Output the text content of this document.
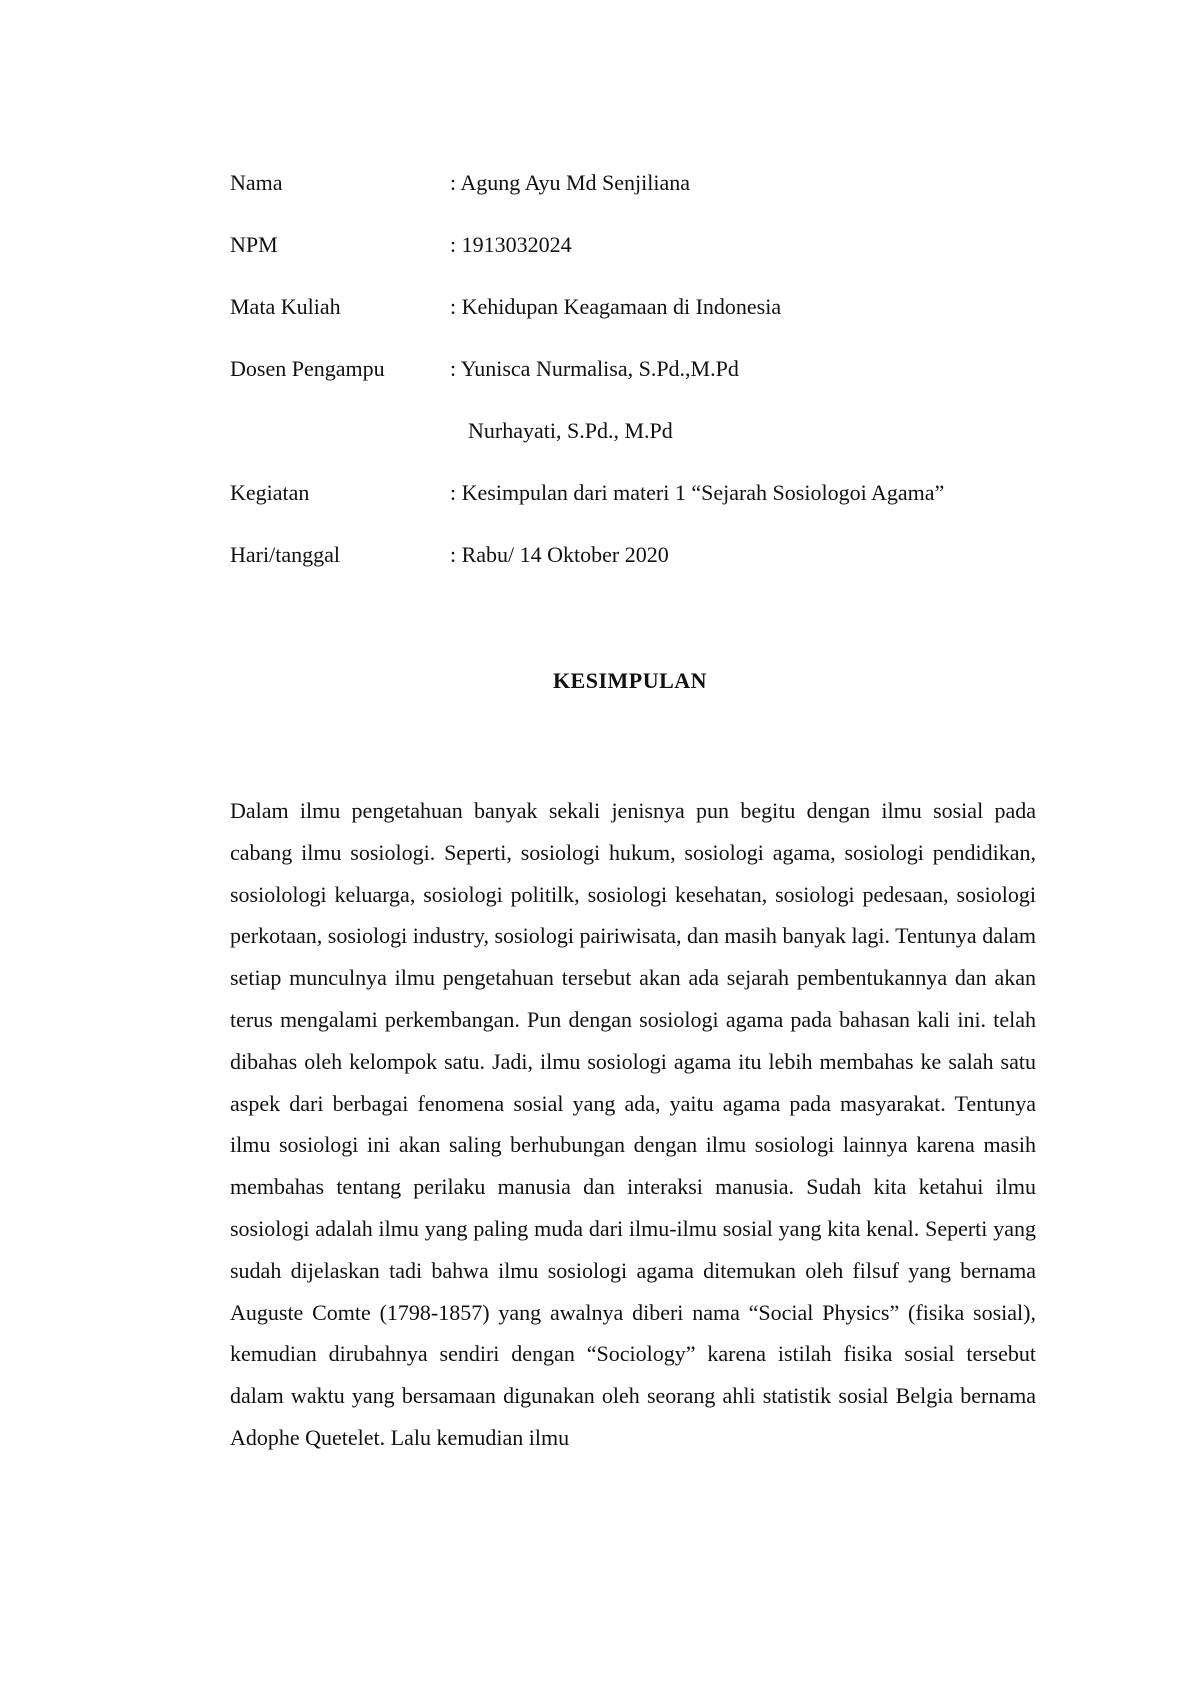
Nama	: Agung Ayu Md Senjiliana
NPM	: 1913032024
Mata Kuliah	: Kehidupan Keagamaan di Indonesia
Dosen Pengampu	: Yunisca Nurmalisa, S.Pd.,M.Pd
Nurhayati, S.Pd., M.Pd
Kegiatan	: Kesimpulan dari materi 1 “Sejarah Sosiologoi Agama”
Hari/tanggal	: Rabu/ 14 Oktober 2020
KESIMPULAN

Dalam ilmu pengetahuan banyak sekali jenisnya pun begitu dengan ilmu sosial pada cabang ilmu sosiologi. Seperti, sosiologi hukum, sosiologi agama, sosiologi pendidikan, sosiolologi keluarga, sosiologi politilk, sosiologi kesehatan, sosiologi pedesaan, sosiologi perkotaan, sosiologi industry, sosiologi pairiwisata, dan masih banyak lagi. Tentunya dalam setiap munculnya ilmu pengetahuan tersebut akan ada sejarah pembentukannya dan akan terus mengalami perkembangan. Pun dengan sosiologi agama pada bahasan kali ini. telah dibahas oleh kelompok satu. Jadi, ilmu sosiologi agama itu lebih membahas ke salah satu aspek dari berbagai fenomena sosial yang ada, yaitu agama pada masyarakat. Tentunya ilmu sosiologi ini akan saling berhubungan dengan ilmu sosiologi lainnya karena masih membahas tentang perilaku manusia dan interaksi manusia. Sudah kita ketahui ilmu sosiologi adalah ilmu yang paling muda dari ilmu-ilmu sosial yang kita kenal. Seperti yang sudah dijelaskan tadi bahwa ilmu sosiologi agama ditemukan oleh filsuf yang bernama Auguste Comte (1798-1857) yang awalnya diberi nama “Social Physics” (fisika sosial), kemudian dirubahnya sendiri dengan “Sociology” karena istilah fisika sosial tersebut dalam waktu yang bersamaan digunakan oleh seorang ahli statistik sosial Belgia bernama Adophe Quetelet. Lalu kemudian ilmu
